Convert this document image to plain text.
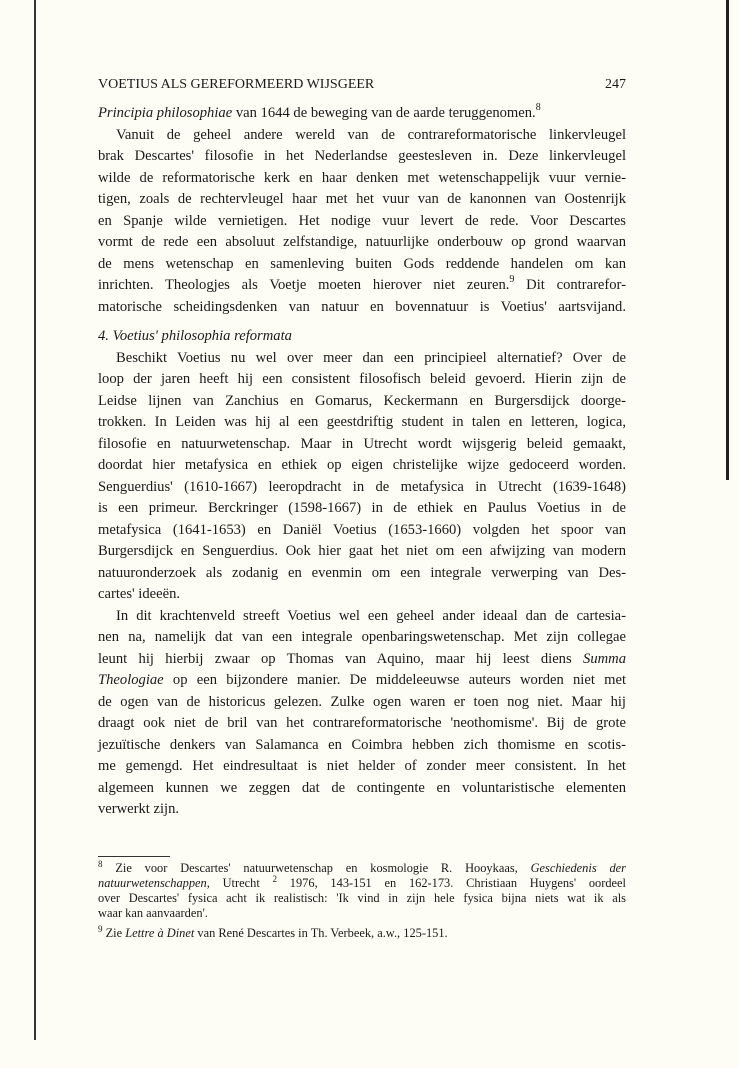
VOETIUS ALS GEREFORMEERD WIJSGEER	247
Principia philosophiae van 1644 de beweging van de aarde teruggenomen.$^8$
Vanuit de geheel andere wereld van de contrareformatorische linkervleugel
brak Descartes' filosofie in het Nederlandse geestesleven in. Deze linkervleugel
wilde de reformatorische kerk en haar denken met wetenschappelijk vuur vernie-
tigen, zoals de rechtervleugel haar met het vuur van de kanonnen van Oostenrijk
en Spanje wilde vernietigen. Het nodige vuur levert de rede. Voor Descartes
vormt de rede een absoluut zelfstandige, natuurlijke onderbouw op grond waarvan
de mens wetenschap en samenleving buiten Gods reddende handelen om kan
inrichten. Theologjes als Voetje moeten hierover niet zeuren.$^9$ Dit contrarefor-
matorische scheidingsdenken van natuur en bovennatuur is Voetius' aartsvijand.
4. Voetius' philosophia reformata
Beschikt Voetius nu wel over meer dan een principieel alternatief? Over de
loop der jaren heeft hij een consistent filosofisch beleid gevoerd. Hierin zijn de
Leidse lijnen van Zanchius en Gomarus, Keckermann en Burgersdijck doorge-
trokken. In Leiden was hij al een geestdriftig student in talen en letteren, logica,
filosofie en natuurwetenschap. Maar in Utrecht wordt wijsgerig beleid gemaakt,
doordat hier metafysica en ethiek op eigen christelijke wijze gedoceerd worden.
Senguerdius' (1610-1667) leeropdracht in de metafysica in Utrecht (1639-1648)
is een primeur. Berckringer (1598-1667) in de ethiek en Paulus Voetius in de
metafysica (1641-1653) en Daniël Voetius (1653-1660) volgden het spoor van
Burgersdijck en Senguerdius. Ook hier gaat het niet om een afwijzing van modern
natuuronderzoek als zodanig en evenmin om een integrale verwerping van Des-
cartes' ideeën.
In dit krachtenveld streeft Voetius wel een geheel ander ideaal dan de cartesia-
nen na, namelijk dat van een integrale openbaringswetenschap. Met zijn collegae
leunt hij hierbij zwaar op Thomas van Aquino, maar hij leest diens Summa
Theologiae op een bijzondere manier. De middeleeuwse auteurs worden niet met
de ogen van de historicus gelezen. Zulke ogen waren er toen nog niet. Maar hij
draagt ook niet de bril van het contrareformatorische 'neothomisme'. Bij de grote
jezuïtische denkers van Salamanca en Coimbra hebben zich thomisme en scotis-
me gemengd. Het eindresultaat is niet helder of zonder meer consistent. In het
algemeen kunnen we zeggen dat de contingente en voluntaristische elementen
verwerkt zijn.
$^8$ Zie voor Descartes' natuurwetenschap en kosmologie R. Hooykaas, Geschiedenis der
natuurwetenschappen, Utrecht $^2$ 1976, 143-151 en 162-173. Christiaan Huygens' oordeel
over Descartes' fysica acht ik realistisch: 'Ik vind in zijn hele fysica bijna niets wat ik als
waar kan aanvaarden'.
$^9$ Zie Lettre à Dinet van René Descartes in Th. Verbeek, a.w., 125-151.
